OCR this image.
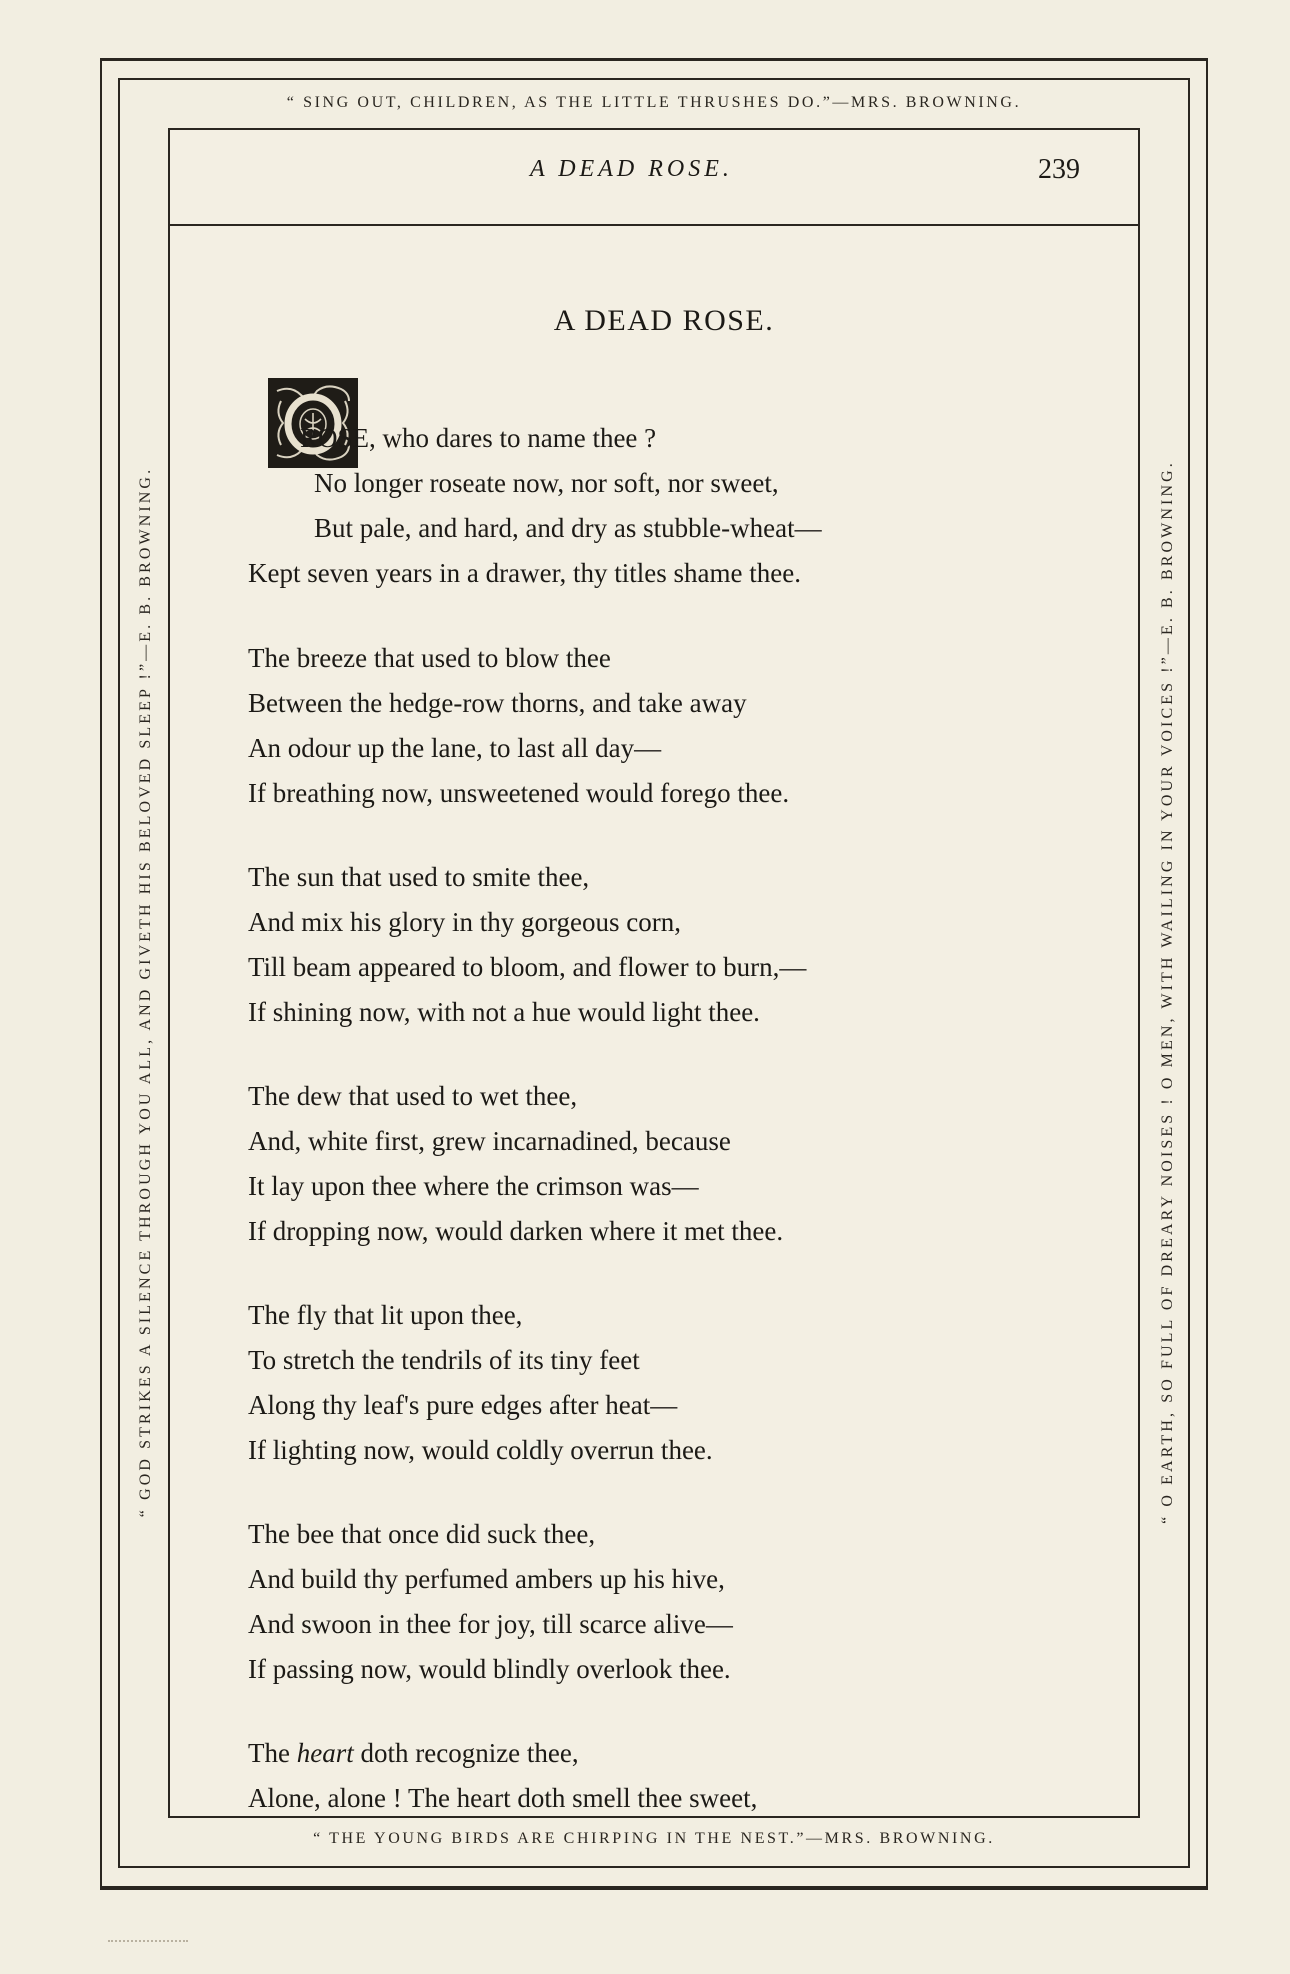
“ SING OUT, CHILDREN, AS THE LITTLE THRUSHES DO.”—MRS. BROWNING.
“ THE YOUNG BIRDS ARE CHIRPING IN THE NEST.”—MRS. BROWNING.
“ GOD STRIKES A SILENCE THROUGH YOU ALL, AND GIVETH HIS BELOVED SLEEP !”—E. B. BROWNING.	“ O EARTH, SO FULL OF DREARY NOISES ! O MEN, WITH WAILING IN YOUR VOICES !”—E. B. BROWNING.
A DEAD ROSE.	239
A DEAD ROSE.
ROSE, who dares to name thee ?
No longer roseate now, nor soft, nor sweet,
But pale, and hard, and dry as stubble-wheat—
Kept seven years in a drawer, thy titles shame thee.
The breeze that used to blow thee
Between the hedge-row thorns, and take away
An odour up the lane, to last all day—
If breathing now, unsweetened would forego thee.
The sun that used to smite thee,
And mix his glory in thy gorgeous corn,
Till beam appeared to bloom, and flower to burn,—
If shining now, with not a hue would light thee.
The dew that used to wet thee,
And, white first, grew incarnadined, because
It lay upon thee where the crimson was—
If dropping now, would darken where it met thee.
The fly that lit upon thee,
To stretch the tendrils of its tiny feet
Along thy leaf's pure edges after heat—
If lighting now, would coldly overrun thee.
The bee that once did suck thee,
And build thy perfumed ambers up his hive,
And swoon in thee for joy, till scarce alive—
If passing now, would blindly overlook thee.
The heart doth recognize thee,
Alone, alone ! The heart doth smell thee sweet,
